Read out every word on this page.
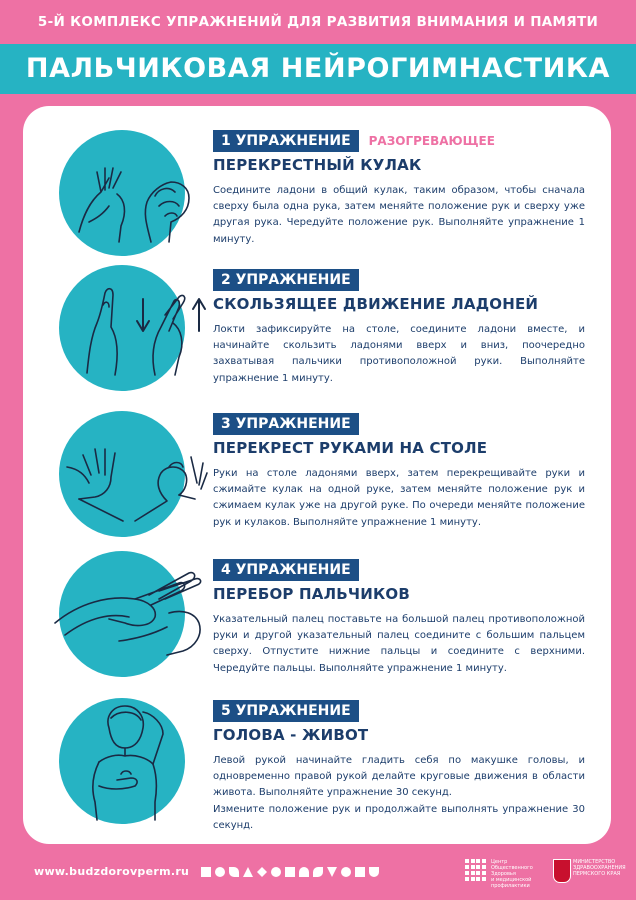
5-Й КОМПЛЕКС УПРАЖНЕНИЙ ДЛЯ РАЗВИТИЯ ВНИМАНИЯ И ПАМЯТИ
ПАЛЬЧИКОВАЯ НЕЙРОГИМНАСТИКА
1 УПРАЖНЕНИЕ	РАЗОГРЕВАЮЩЕЕ
ПЕРЕКРЕСТНЫЙ КУЛАК

Соедините ладони в общий кулак, таким образом, чтобы сначала сверху была одна рука, затем меняйте положение рук и сверху уже другая рука. Чередуйте положение рук. Выполняйте упражнение 1 минуту.

2 УПРАЖНЕНИЕ
СКОЛЬЗЯЩЕЕ ДВИЖЕНИЕ ЛАДОНЕЙ

Локти зафиксируйте на столе, соедините ладони вместе, и начинайте скользить ладонями вверх и вниз, поочередно захватывая пальчики противоположной руки. Выполняйте упражнение 1 минуту.

3 УПРАЖНЕНИЕ
ПЕРЕКРЕСТ РУКАМИ НА СТОЛЕ

Руки на столе ладонями вверх, затем перекрещивайте руки и сжимайте кулак на одной руке, затем меняйте положение рук и сжимаем кулак уже на другой руке. По очереди меняйте положение рук и кулаков. Выполняйте упражнение 1 минуту.

4 УПРАЖНЕНИЕ
ПЕРЕБОР ПАЛЬЧИКОВ

Указательный палец поставьте на большой палец противоположной руки и другой указательный палец соедините с большим пальцем сверху. Отпустите нижние пальцы и соедините с верхними. Чередуйте пальцы. Выполняйте упражнение 1 минуту.

5 УПРАЖНЕНИЕ
ГОЛОВА - ЖИВОТ

Левой рукой начинайте гладить себя по макушке головы, и одновременно правой рукой делайте круговые движения в области живота. Выполняйте упражнение 30 секунд.
Измените положение рук и продолжайте выполнять упражнение 30 секунд.

www.budzdorovperm.ru
Центр Общественного Здоровья
и медицинской профилактики
МИНИСТЕРСТВО ЗДРАВООХРАНЕНИЯ ПЕРМСКОГО КРАЯ
